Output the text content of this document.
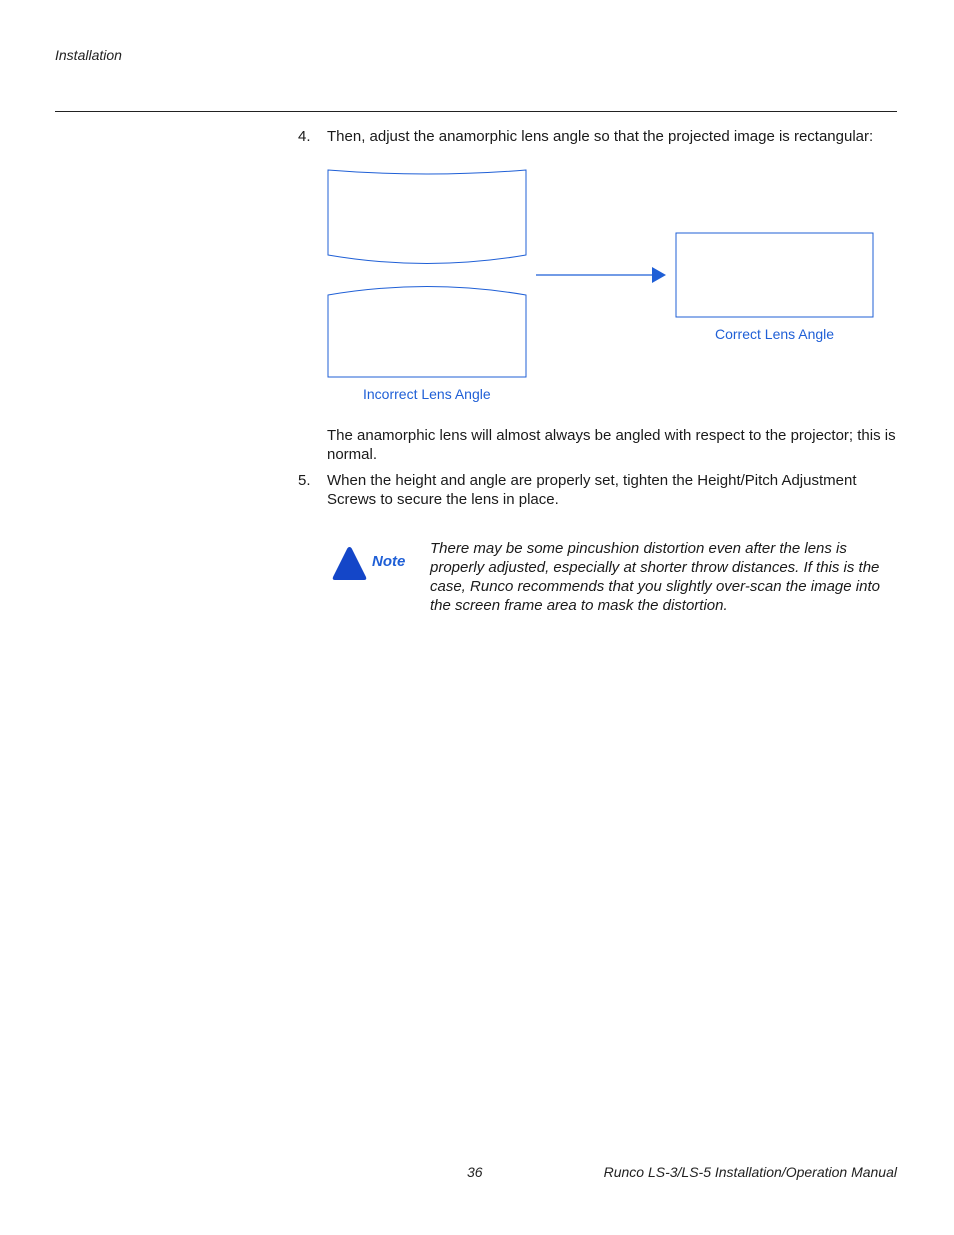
Installation
4. Then, adjust the anamorphic lens angle so that the projected image is rectangular:
Correct Lens Angle
Incorrect Lens Angle
The anamorphic lens will almost always be angled with respect to the projector; this is normal.
5. When the height and angle are properly set, tighten the Height/Pitch Adjustment Screws to secure the lens in place.
Note
There may be some pincushion distortion even after the lens is properly adjusted, especially at shorter throw distances. If this is the case, Runco recommends that you slightly over-scan the image into the screen frame area to mask the distortion.
36	Runco LS-3/LS-5 Installation/Operation Manual
